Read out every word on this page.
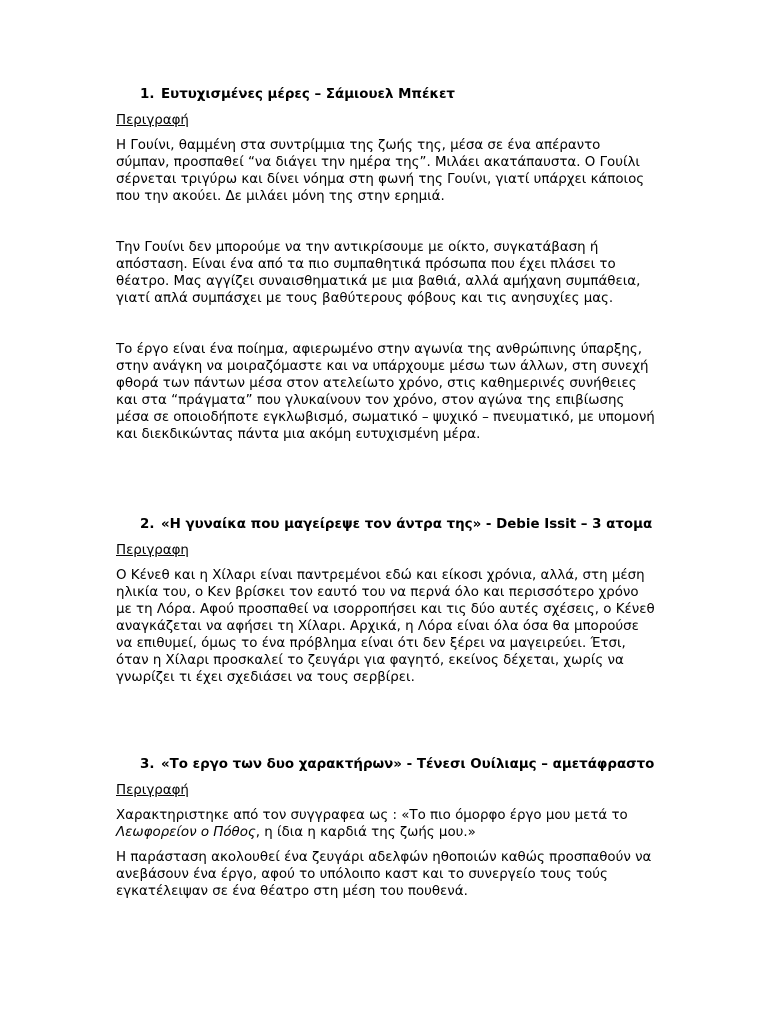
1. Ευτυχισμένες μέρες – Σάμιουελ Μπέκετ
Περιγραφή

Η Γουίνι, θαμμένη στα συντρίμμια της ζωής της, μέσα σε ένα απέραντο σύμπαν, προσπαθεί “να διάγει την ημέρα της”. Μιλάει ακατάπαυστα. Ο Γουίλι σέρνεται τριγύρω και δίνει νόημα στη φωνή της Γουίνι, γιατί υπάρχει κάποιος που την ακούει. Δε μιλάει μόνη της στην ερημιά.

Την Γουίνι δεν μπορούμε να την αντικρίσουμε με οίκτο, συγκατάβαση ή απόσταση. Είναι ένα από τα πιο συμπαθητικά πρόσωπα που έχει πλάσει το θέατρο. Μας αγγίζει συναισθηματικά με μια βαθιά, αλλά αμήχανη συμπάθεια, γιατί απλά συμπάσχει με τους βαθύτερους φόβους και τις ανησυχίες μας.

Το έργο είναι ένα ποίημα, αφιερωμένο στην αγωνία της ανθρώπινης ύπαρξης, στην ανάγκη να μοιραζόμαστε και να υπάρχουμε μέσω των άλλων, στη συνεχή φθορά των πάντων μέσα στον ατελείωτο χρόνο, στις καθημερινές συνήθειες και στα “πράγματα” που γλυκαίνουν τον χρόνο, στον αγώνα της επιβίωσης μέσα σε οποιοδήποτε εγκλωβισμό, σωματικό – ψυχικό – πνευματικό, με υπομονή και διεκδικώντας πάντα μια ακόμη ευτυχισμένη μέρα.

2. «Η γυναίκα που μαγείρεψε τον άντρα της» - Debie Issit – 3 ατομα
Περιγραφη

Ο Κένεθ και η Χίλαρι είναι παντρεμένοι εδώ και είκοσι χρόνια, αλλά, στη μέση ηλικία του, ο Κεν βρίσκει τον εαυτό του να περνά όλο και περισσότερο χρόνο με τη Λόρα. Αφού προσπαθεί να ισορροπήσει και τις δύο αυτές σχέσεις, ο Κένεθ αναγκάζεται να αφήσει τη Χίλαρι. Αρχικά, η Λόρα είναι όλα όσα θα μπορούσε να επιθυμεί, όμως το ένα πρόβλημα είναι ότι δεν ξέρει να μαγειρεύει. Έτσι, όταν η Χίλαρι προσκαλεί το ζευγάρι για φαγητό, εκείνος δέχεται, χωρίς να γνωρίζει τι έχει σχεδιάσει να τους σερβίρει.

3. «Το εργο των δυο χαρακτήρων» - Τένεσι Ουίλιαμς – αμετάφραστο
Περιγραφή

Χαρακτηριστηκε από τον συγγραφεα ως : «Το πιο όμορφο έργο μου μετά το Λεωφορείον ο Πόθος, η ίδια η καρδιά της ζωής μου.»

Η παράσταση ακολουθεί ένα ζευγάρι αδελφών ηθοποιών καθώς προσπαθούν να ανεβάσουν ένα έργο, αφού το υπόλοιπο καστ και το συνεργείο τους τούς εγκατέλειψαν σε ένα θέατρο στη μέση του πουθενά.
